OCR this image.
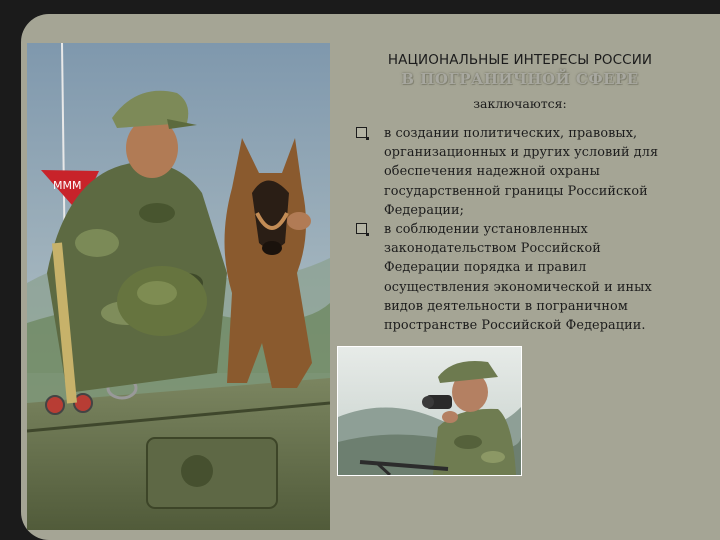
МММ
НАЦИОНАЛЬНЫЕ ИНТЕРЕСЫ РОССИИ
В ПОГРАНИЧНОЙ СФЕРЕ
заключаются:
в создании политических, правовых,
организационных и других условий для
обеспечения надежной охраны
государственной границы Российской
Федерации;
в соблюдении установленных
законодательством Российской
Федерации порядка и правил
осуществления экономической и иных
видов деятельности в пограничном
пространстве Российской Федерации.
